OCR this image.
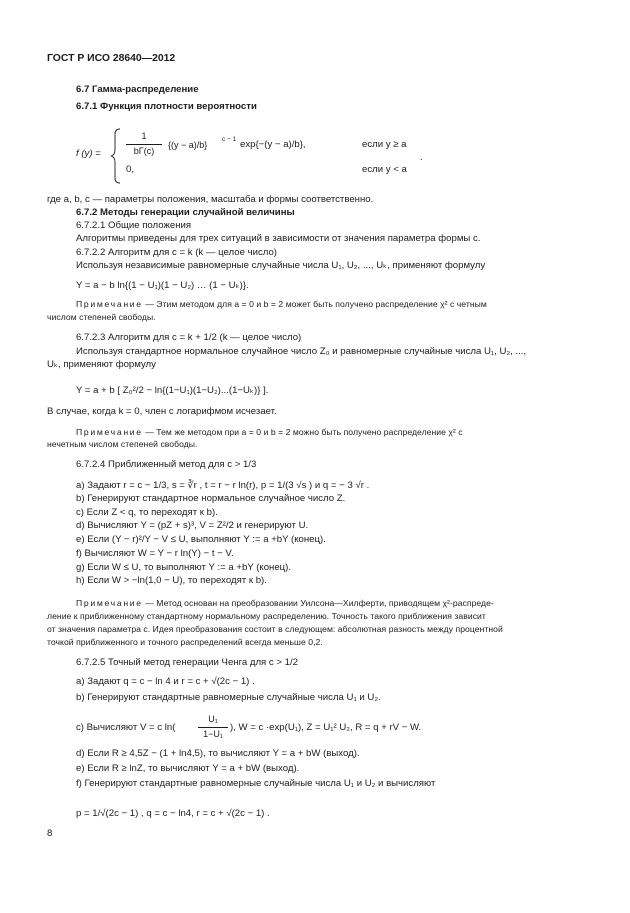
ГОСТ Р ИСО 28640—2012
6.7 Гамма-распределение
6.7.1 Функция плотности вероятности
f (y) =
1
bΓ(c)
{(y − a)/b}
c − 1 exp{−(y − a)/b},	если y ≥ a
0,	если y < a
.
где a, b, c — параметры положения, масштаба и формы соответственно.
6.7.2 Методы генерации случайной величины
6.7.2.1 Общие положения
Алгоритмы приведены для трех ситуаций в зависимости от значения параметра формы c.
6.7.2.2 Алгоритм для c = k (k — целое число)
Используя независимые равномерные случайные числа U₁, U₂, ..., Uₖ, применяют формулу
Y = a − b ln{(1 − U₁)(1 − U₂) … (1 − Uₖ)}.
Примечание — Этим методом для a = 0 и b = 2 может быть получено распределение χ² с четным
числом степеней свободы.
6.7.2.3 Алгоритм для c = k + 1/2 (k — целое число)
Используя стандартное нормальное случайное число Z₀ и равномерные случайные числа U₁, U₂, ...,
Uₖ, применяют формулу
Y = a + b [ Z₀²/2 − ln{(1−U₁)(1−U₂)...(1−Uₖ)} ].
В случае, когда k = 0, член с логарифмом исчезает.
Примечание — Тем же методом при a = 0 и b = 2 можно быть получено распределение χ² с
нечетным числом степеней свободы.
6.7.2.4 Приближенный метод для c > 1/3
a) Задают r = c − 1/3, s = ∛r , t = r − r ln(r), p = 1/(3 √s ) и q = − 3 √r .
b) Генерируют стандартное нормальное случайное число Z.
c) Если Z < q, то переходят к b).
d) Вычисляют Y = (pZ + s)³, V = Z²/2 и генерируют U.
e) Если (Y − r)²/Y − V ≤ U, выполняют Y := a +bY (конец).
f) Вычисляют W = Y − r ln(Y) − t − V.
g) Если W ≤ U, то выполняют Y := a +bY (конец).
h) Если W > −ln(1,0 − U), то переходят к b).
Примечание — Метод основан на преобразовании Уилсона—Хилферти, приводящем χ²-распреде-
ление к приближенному стандартному нормальному распределению. Точность такого приближения зависит
от значения параметра c. Идея преобразования состоит в следующем: абсолютная разность между процентной
точкой приближенного и точного распределений всегда меньше 0,2.
6.7.2.5 Точный метод генерации Ченга для c > 1/2
a) Задают q = c − ln 4 и r = c + √(2c − 1) .
b) Генерируют стандартные равномерные случайные числа U₁ и U₂.
c) Вычисляют V = c ln(
U₁
1−U₁
), W = c ·exp(U₁), Z = U₁² U₂, R = q + rV − W.
d) Если R ≥ 4,5Z − (1 + ln4,5), то вычисляют Y = a + bW (выход).
e) Если R ≥ lnZ, то вычисляют Y = a + bW (выход).
f) Генерируют стандартные равномерные случайные числа U₁ и U₂ и вычисляют
p = 1/√(2c − 1) , q = c − ln4, r = c + √(2c − 1) .
8
